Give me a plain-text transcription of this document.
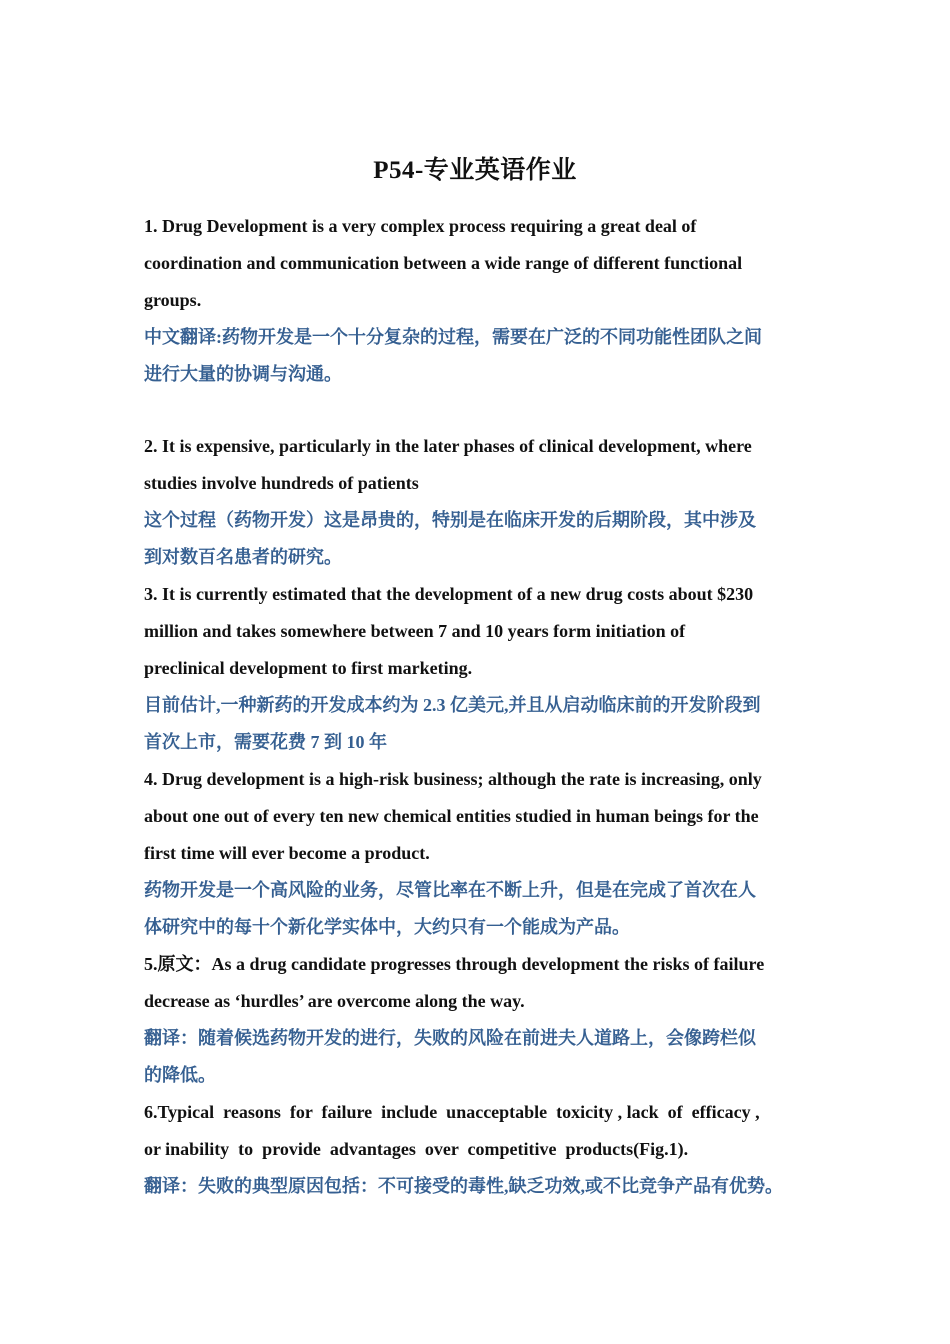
P54-专业英语作业
1. Drug Development is a very complex process requiring a great deal of
coordination and communication between a wide range of different functional
groups.
中文翻译:药物开发是一个十分复杂的过程，需要在广泛的不同功能性团队之间
进行大量的协调与沟通。
2. It is expensive, particularly in the later phases of clinical development, where
studies involve hundreds of patients
这个过程（药物开发）这是昂贵的，特别是在临床开发的后期阶段，其中涉及
到对数百名患者的研究。
3. It is currently estimated that the development of a new drug costs about $230
million and takes somewhere between 7 and 10 years form initiation of
preclinical development to first marketing.
目前估计,一种新药的开发成本约为 2.3 亿美元,并且从启动临床前的开发阶段到
首次上市，需要花费 7 到 10 年
4. Drug development is a high-risk business; although the rate is increasing, only
about one out of every ten new chemical entities studied in human beings for the
first time will ever become a product.
药物开发是一个高风险的业务，尽管比率在不断上升，但是在完成了首次在人
体研究中的每十个新化学实体中，大约只有一个能成为产品。
5.原文：As a drug candidate progresses through development the risks of failure
decrease as ‘hurdles’ are overcome along the way.
翻译：随着候选药物开发的进行，失败的风险在前进夫人道路上，会像跨栏似
的降低。
6.Typical  reasons  for  failure  include  unacceptable  toxicity , lack  of  efficacy ,
or inability  to  provide  advantages  over  competitive  products(Fig.1).
翻译：失败的典型原因包括：不可接受的毒性,缺乏功效,或不比竞争产品有优势。
